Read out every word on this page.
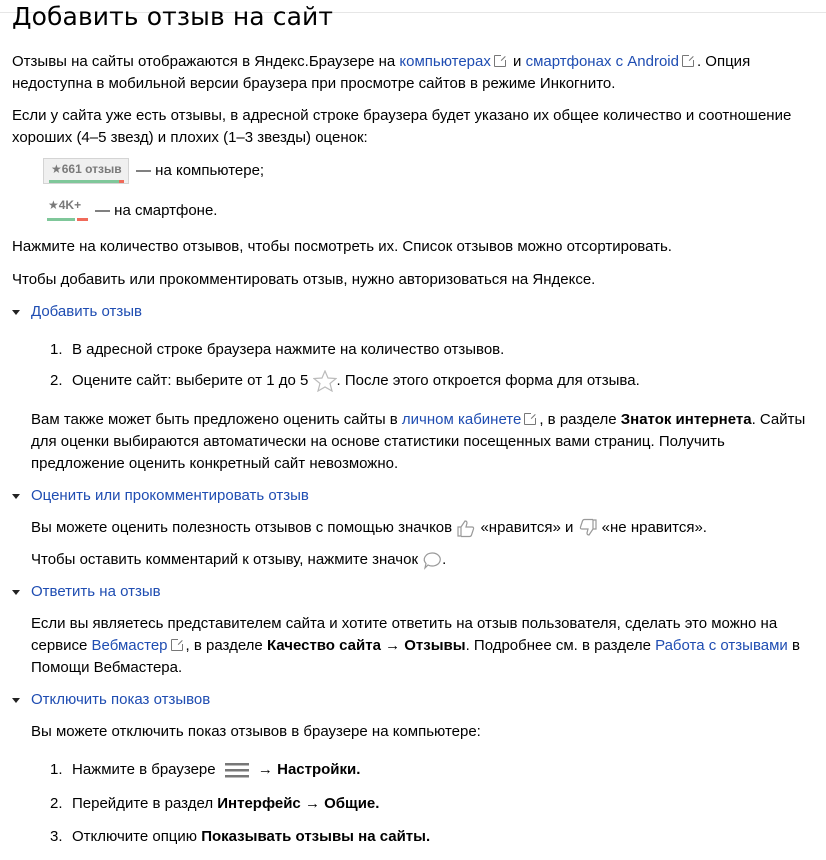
Добавить отзыв на сайт
Отзывы на сайты отображаются в Яндекс.Браузере на компьютерах и смартфонах с Android . Опция
недоступна в мобильной версии браузера при просмотре сайтов в режиме Инкогнито.
Если у сайта уже есть отзывы, в адресной строке браузера будет указано их общее количество и соотношение
хороших (4–5 звезд) и плохих (1–3 звезды) оценок:
★661 отзыв — на компьютере;
★4K+ — на смартфоне.
Нажмите на количество отзывов, чтобы посмотреть их. Список отзывов можно отсортировать.
Чтобы добавить или прокомментировать отзыв, нужно авторизоваться на Яндексе.
Добавить отзыв
1. В адресной строке браузера нажмите на количество отзывов.
2. Оцените сайт: выберите от 1 до 5 . После этого откроется форма для отзыва.
Вам также может быть предложено оценить сайты в личном кабинете , в разделе Знаток интернета. Сайты
для оценки выбираются автоматически на основе статистики посещенных вами страниц. Получить
предложение оценить конкретный сайт невозможно.
Оценить или прокомментировать отзыв
Вы можете оценить полезность отзывов с помощью значков  «нравится» и  «не нравится».
Чтобы оставить комментарий к отзыву, нажмите значок .
Ответить на отзыв
Если вы являетесь представителем сайта и хотите ответить на отзыв пользователя, сделать это можно на
сервисе Вебмастер , в разделе Качество сайта → Отзывы. Подробнее см. в разделе Работа с отзывами в
Помощи Вебмастера.
Отключить показ отзывов
Вы можете отключить показ отзывов в браузере на компьютере:
1. Нажмите в браузере  → Настройки.
2. Перейдите в раздел Интерфейс → Общие.
3. Отключите опцию Показывать отзывы на сайты.
